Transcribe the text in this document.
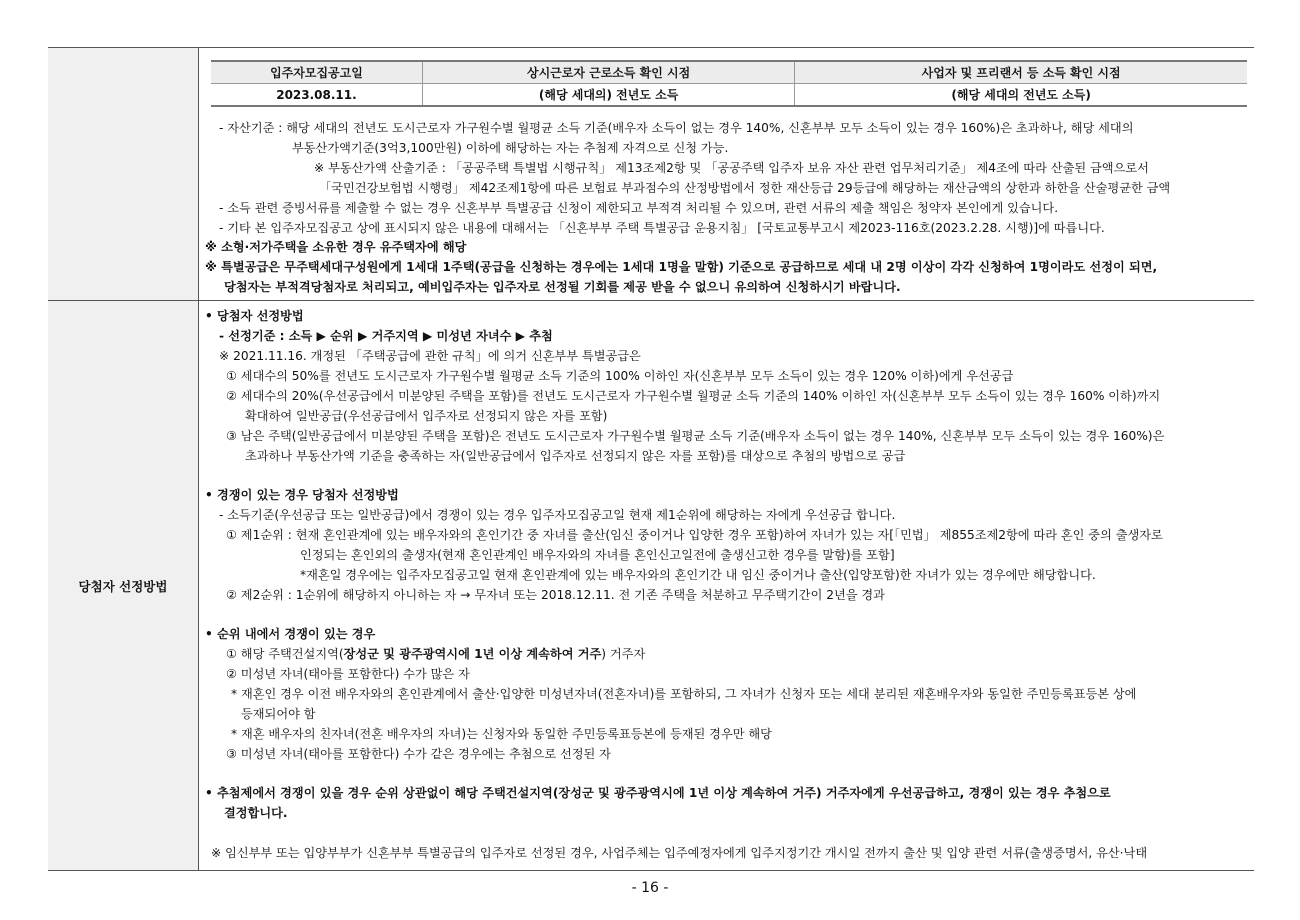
입주자모집공고일	상시근로자 근로소득 확인 시점	사업자 및 프리랜서 등 소득 확인 시점
2023.08.11.	(해당 세대의) 전년도 소득	(해당 세대의 전년도 소득)
- 자산기준 : 해당 세대의 전년도 도시근로자 가구원수별 월평균 소득 기준(배우자 소득이 없는 경우 140%, 신혼부부 모두 소득이 있는 경우 160%)은 초과하나, 해당 세대의
부동산가액기준(3억3,100만원) 이하에 해당하는 자는 추첨제 자격으로 신청 가능.
※ 부동산가액 산출기준 : 「공공주택 특별법 시행규칙」 제13조제2항 및 「공공주택 입주자 보유 자산 관련 업무처리기준」 제4조에 따라 산출된 금액으로서
「국민건강보험법 시행령」 제42조제1항에 따른 보험료 부과점수의 산정방법에서 정한 재산등급 29등급에 해당하는 재산금액의 상한과 하한을 산술평균한 금액
- 소득 관련 증빙서류를 제출할 수 없는 경우 신혼부부 특별공급 신청이 제한되고 부적격 처리될 수 있으며, 관련 서류의 제출 책임은 청약자 본인에게 있습니다.
- 기타 본 입주자모집공고 상에 표시되지 않은 내용에 대해서는 「신혼부부 주택 특별공급 운용지침」 [국토교통부고시 제2023-116호(2023.2.28. 시행)]에 따릅니다.
※ 소형·저가주택을 소유한 경우 유주택자에 해당
※ 특별공급은 무주택세대구성원에게 1세대 1주택(공급을 신청하는 경우에는 1세대 1명을 말함) 기준으로 공급하므로 세대 내 2명 이상이 각각 신청하여 1명이라도 선정이 되면,
당첨자는 부적격당첨자로 처리되고, 예비입주자는 입주자로 선정될 기회를 제공 받을 수 없으니 유의하여 신청하시기 바랍니다.
당첨자 선정방법
• 당첨자 선정방법
- 선정기준 : 소득 ▶ 순위 ▶ 거주지역 ▶ 미성년 자녀수 ▶ 추첨
※ 2021.11.16. 개정된 「주택공급에 관한 규칙」에 의거 신혼부부 특별공급은
① 세대수의 50%를 전년도 도시근로자 가구원수별 월평균 소득 기준의 100% 이하인 자(신혼부부 모두 소득이 있는 경우 120% 이하)에게 우선공급
② 세대수의 20%(우선공급에서 미분양된 주택을 포함)를 전년도 도시근로자 가구원수별 월평균 소득 기준의 140% 이하인 자(신혼부부 모두 소득이 있는 경우 160% 이하)까지
확대하여 일반공급(우선공급에서 입주자로 선정되지 않은 자를 포함)
③ 남은 주택(일반공급에서 미분양된 주택을 포함)은 전년도 도시근로자 가구원수별 월평균 소득 기준(배우자 소득이 없는 경우 140%, 신혼부부 모두 소득이 있는 경우 160%)은
초과하나 부동산가액 기준을 충족하는 자(일반공급에서 입주자로 선정되지 않은 자를 포함)를 대상으로 추첨의 방법으로 공급
• 경쟁이 있는 경우 당첨자 선정방법
- 소득기준(우선공급 또는 일반공급)에서 경쟁이 있는 경우 입주자모집공고일 현재 제1순위에 해당하는 자에게 우선공급 합니다.
① 제1순위 : 현재 혼인관계에 있는 배우자와의 혼인기간 중 자녀를 출산(임신 중이거나 입양한 경우 포함)하여 자녀가 있는 자[「민법」 제855조제2항에 따라 혼인 중의 출생자로
인정되는 혼인외의 출생자(현재 혼인관계인 배우자와의 자녀를 혼인신고일전에 출생신고한 경우를 말함)를 포함]
*재혼일 경우에는 입주자모집공고일 현재 혼인관계에 있는 배우자와의 혼인기간 내 임신 중이거나 출산(입양포함)한 자녀가 있는 경우에만 해당합니다.
② 제2순위 : 1순위에 해당하지 아니하는 자 → 무자녀 또는 2018.12.11. 전 기존 주택을 처분하고 무주택기간이 2년을 경과
• 순위 내에서 경쟁이 있는 경우
① 해당 주택건설지역(장성군 및 광주광역시에 1년 이상 계속하여 거주) 거주자
② 미성년 자녀(태아를 포함한다) 수가 많은 자
* 재혼인 경우 이전 배우자와의 혼인관계에서 출산·입양한 미성년자녀(전혼자녀)를 포함하되, 그 자녀가 신청자 또는 세대 분리된 재혼배우자와 동일한 주민등록표등본 상에
등재되어야 함
* 재혼 배우자의 친자녀(전혼 배우자의 자녀)는 신청자와 동일한 주민등록표등본에 등재된 경우만 해당
③ 미성년 자녀(태아를 포함한다) 수가 같은 경우에는 추첨으로 선정된 자
• 추첨제에서 경쟁이 있을 경우 순위 상관없이 해당 주택건설지역(장성군 및 광주광역시에 1년 이상 계속하여 거주) 거주자에게 우선공급하고, 경쟁이 있는 경우 추첨으로
결정합니다.
※ 임신부부 또는 입양부부가 신혼부부 특별공급의 입주자로 선정된 경우, 사업주체는 입주예정자에게 입주지정기간 개시일 전까지 출산 및 입양 관련 서류(출생증명서, 유산·낙태
- 16 -
